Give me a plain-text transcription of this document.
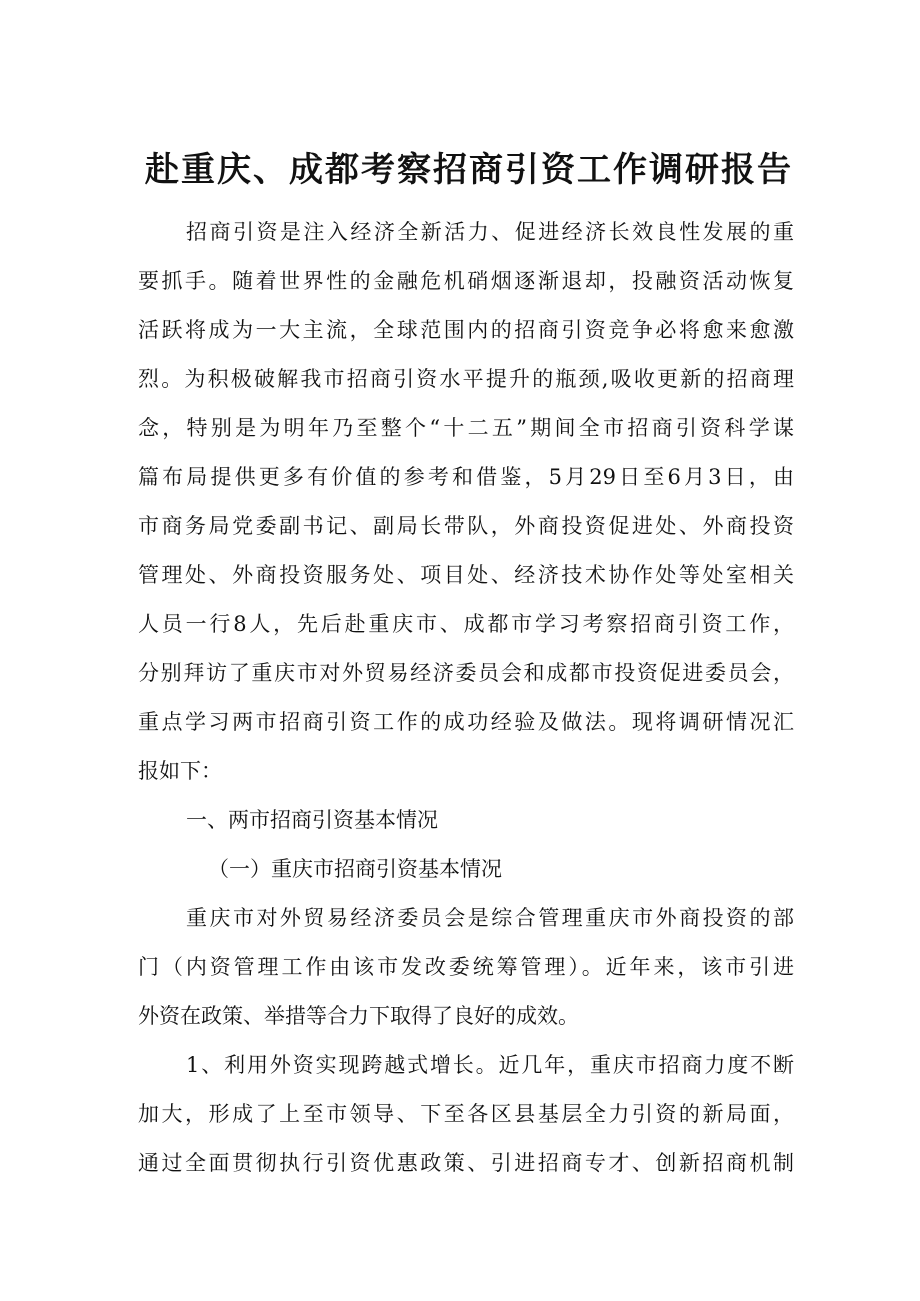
赴重庆、成都考察招商引资工作调研报告
招商引资是注入经济全新活力、促进经济长效良性发展的重
要抓手。随着世界性的金融危机硝烟逐渐退却，投融资活动恢复
活跃将成为一大主流，全球范围内的招商引资竞争必将愈来愈激
烈。为积极破解我市招商引资水平提升的瓶颈,吸收更新的招商理
念，特别是为明年乃至整个“十二五”期间全市招商引资科学谋
篇布局提供更多有价值的参考和借鉴，5月29日至6月3日，由
市商务局党委副书记、副局长带队，外商投资促进处、外商投资
管理处、外商投资服务处、项目处、经济技术协作处等处室相关
人员一行8人，先后赴重庆市、成都市学习考察招商引资工作，
分别拜访了重庆市对外贸易经济委员会和成都市投资促进委员会，
重点学习两市招商引资工作的成功经验及做法。现将调研情况汇
报如下：
一、两市招商引资基本情况
（一）重庆市招商引资基本情况
重庆市对外贸易经济委员会是综合管理重庆市外商投资的部
门（内资管理工作由该市发改委统筹管理）。近年来，该市引进
外资在政策、举措等合力下取得了良好的成效。
1、利用外资实现跨越式增长。近几年，重庆市招商力度不断
加大，形成了上至市领导、下至各区县基层全力引资的新局面，
通过全面贯彻执行引资优惠政策、引进招商专才、创新招商机制
